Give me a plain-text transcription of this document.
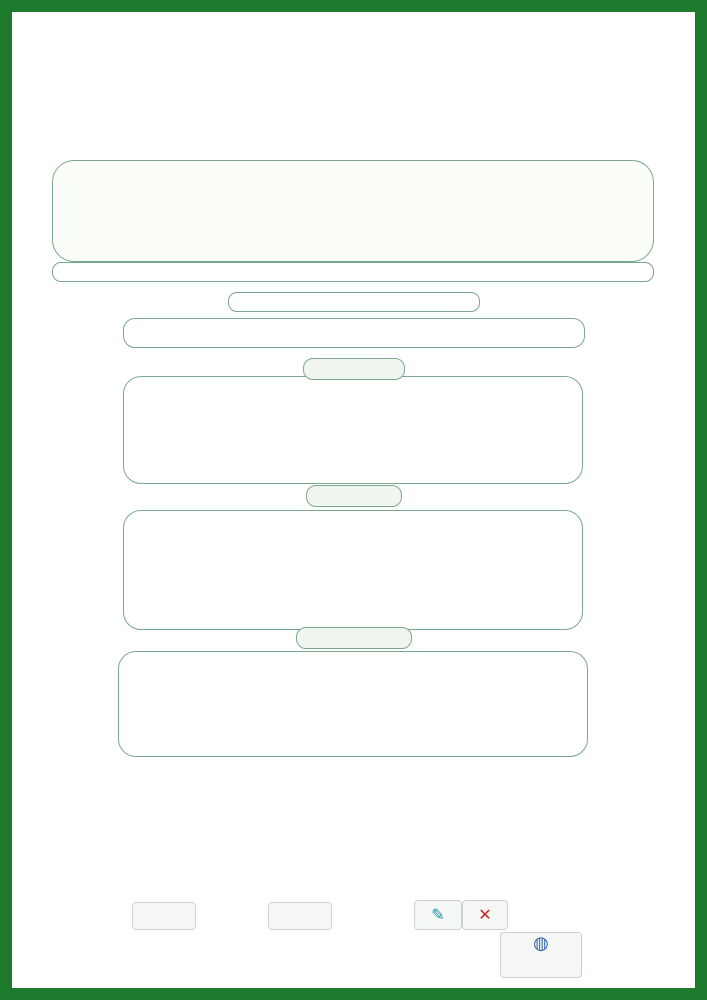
✎	✕
◍
